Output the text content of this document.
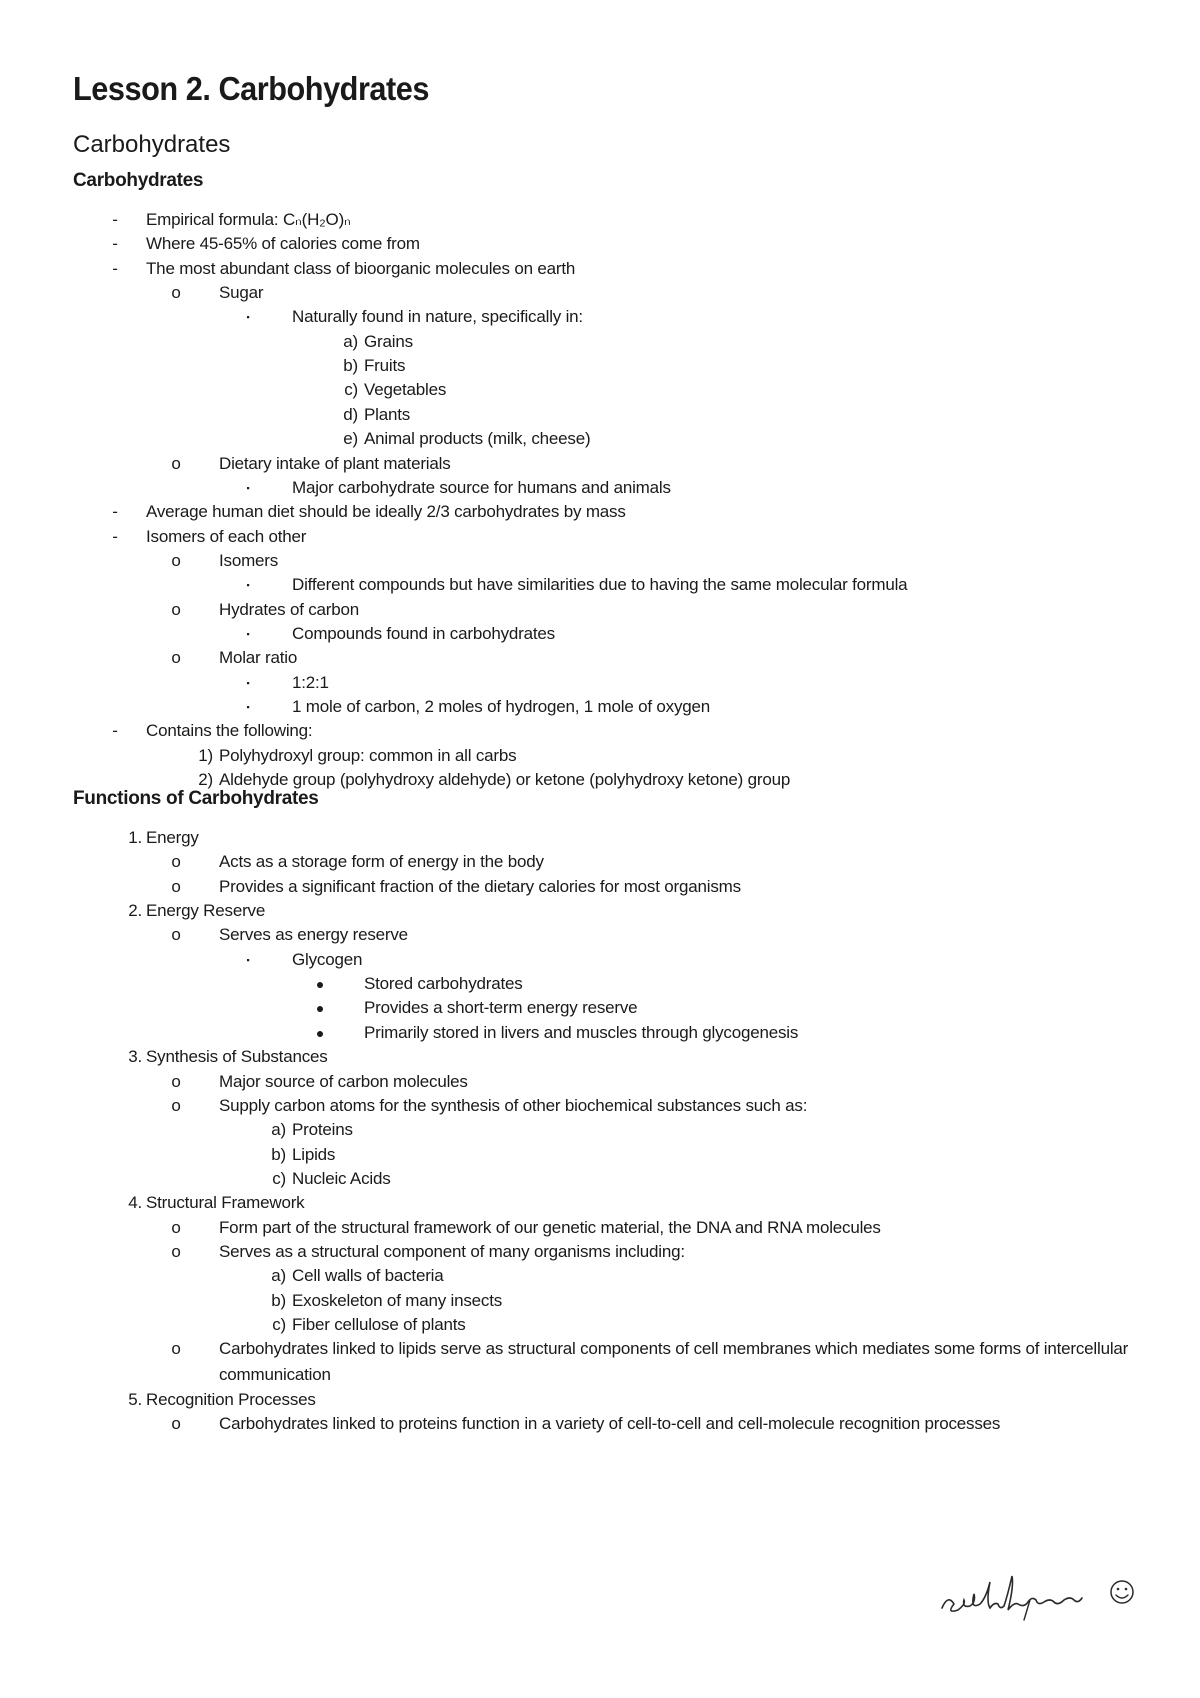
Lesson 2. Carbohydrates
Carbohydrates
Carbohydrates
-	Empirical formula: Cₙ(H₂O)ₙ
-	Where 45-65% of calories come from
-	The most abundant class of bioorganic molecules on earth
o	Sugar
▪	Naturally found in nature, specifically in:
a) Grains
b) Fruits
c) Vegetables
d) Plants
e) Animal products (milk, cheese)
o	Dietary intake of plant materials
▪	Major carbohydrate source for humans and animals
-	Average human diet should be ideally 2/3 carbohydrates by mass
-	Isomers of each other
o	Isomers
▪	Different compounds but have similarities due to having the same molecular formula
o	Hydrates of carbon
▪	Compounds found in carbohydrates
o	Molar ratio
▪	1:2:1
▪	1 mole of carbon, 2 moles of hydrogen, 1 mole of oxygen
-	Contains the following:
1) Polyhydroxyl group: common in all carbs
2) Aldehyde group (polyhydroxy aldehyde) or ketone (polyhydroxy ketone) group
Functions of Carbohydrates
1. Energy
o	Acts as a storage form of energy in the body
o	Provides a significant fraction of the dietary calories for most organisms
2. Energy Reserve
o	Serves as energy reserve
▪	Glycogen
●	Stored carbohydrates
●	Provides a short-term energy reserve
●	Primarily stored in livers and muscles through glycogenesis
3. Synthesis of Substances
o	Major source of carbon molecules
o	Supply carbon atoms for the synthesis of other biochemical substances such as:
a) Proteins
b) Lipids
c) Nucleic Acids
4. Structural Framework
o	Form part of the structural framework of our genetic material, the DNA and RNA molecules
o	Serves as a structural component of many organisms including:
a) Cell walls of bacteria
b) Exoskeleton of many insects
c) Fiber cellulose of plants
o	Carbohydrates linked to lipids serve as structural components of cell membranes which mediates some forms of intercellular communication
5. Recognition Processes
o	Carbohydrates linked to proteins function in a variety of cell-to-cell and cell-molecule recognition processes
